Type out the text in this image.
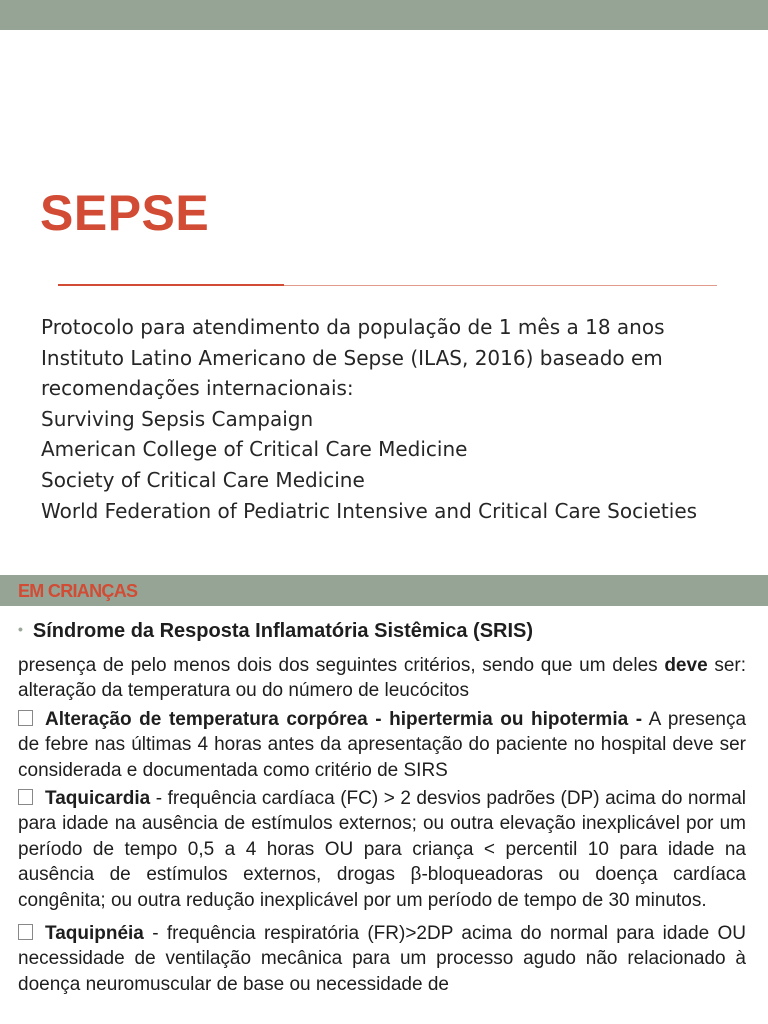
SEPSE
Protocolo para atendimento da população de 1 mês a 18 anos
Instituto Latino Americano de Sepse (ILAS, 2016) baseado em
recomendações internacionais:
Surviving Sepsis Campaign
American College of Critical Care Medicine
Society of Critical Care Medicine
World Federation of Pediatric Intensive and Critical Care Societies
EM CRIANÇAS

• Síndrome da Resposta Inflamatória Sistêmica (SRIS)

presença de pelo menos dois dos seguintes critérios, sendo que um deles deve ser: alteração da temperatura ou do número de leucócitos

Alteração de temperatura corpórea - hipertermia ou hipotermia - A presença de febre nas últimas 4 horas antes da apresentação do paciente no hospital deve ser considerada e documentada como critério de SIRS

Taquicardia - frequência cardíaca (FC) > 2 desvios padrões (DP) acima do normal para idade na ausência de estímulos externos; ou outra elevação inexplicável por um período de tempo 0,5 a 4 horas OU para criança < percentil 10 para idade na ausência de estímulos externos, drogas β-bloqueadoras ou doença cardíaca congênita; ou outra redução inexplicável por um período de tempo de 30 minutos.

Taquipnéia - frequência respiratória (FR)>2DP acima do normal para idade OU necessidade de ventilação mecânica para um processo agudo não relacionado à doença neuromuscular de base ou necessidade de
